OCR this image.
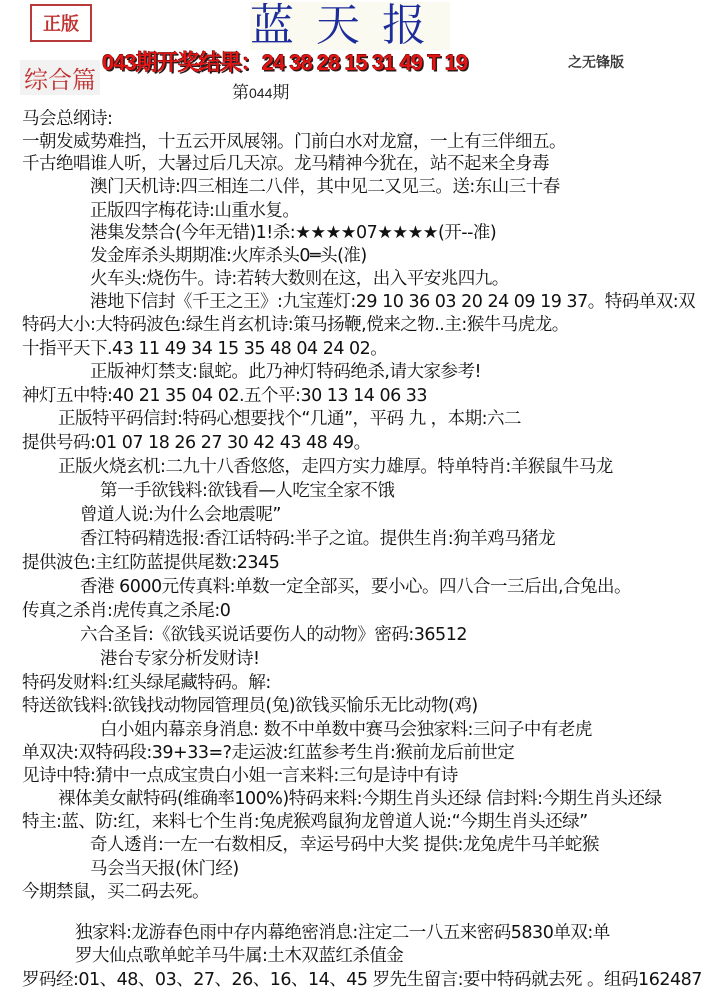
正版	蓝天报
043期开奖结果：24 38 28 15 31 49 T 19	之无锋版
综合篇	第044期
马会总纲诗:
一朝发威势难挡，十五云开凤展翎。门前白水对龙窟，一上有三伴细五。
千古绝唱谁人听，大暑过后几天凉。龙马精神今犹在，站不起来全身毒
澳门天机诗:四三相连二八伴，其中见二又见三。送:东山三十春
正版四字梅花诗:山重水复。
港集发禁合(今年无错)1!杀:★★★★07★★★★(开--准)
发金库杀头期期准:火库杀头0═头(准)
火车头:烧伤牛。诗:若转大数则在这，出入平安兆四九。
港地下信封《千王之王》:九宝莲灯:29 10 36 03 20 24 09 19 37。特码单双:双
特码大小:大特码波色:绿生肖玄机诗:策马扬鞭,傥来之物..主:猴牛马虎龙。
十指平天下.43 11 49 34 15 35 48 04 24 02。
正版神灯禁支:鼠蛇。此乃神灯特码绝杀,请大家参考!
神灯五中特:40 21 35 04 02.五个平:30 13 14 06 33
正版特平码信封:特码心想要找个“几通”，平码 九 ，本期:六二
提供号码:01 07 18 26 27 30 42 43 48 49。
正版火烧玄机:二九十八香悠悠，走四方实力雄厚。特单特肖:羊猴鼠牛马龙
第一手欲钱料:欲钱看—人吃宝全家不饿
曾道人说:为什么会地震呢”
香江特码精选报:香江话特码:半子之谊。提供生肖:狗羊鸡马猪龙
提供波色:主红防蓝提供尾数:2345
香港 6000元传真料:单数一定全部买，要小心。四八合一三后出,合兔出。
传真之杀肖:虎传真之杀尾:0
六合圣旨:《欲钱买说话要伤人的动物》密码:36512
港台专家分析发财诗!
特码发财料:红头绿尾藏特码。解:
特送欲钱料:欲钱找动物园管理员(兔)欲钱买愉乐无比动物(鸡)
白小姐内幕亲身消息: 数不中单数中赛马会独家料:三问子中有老虎
单双决:双特码段:39+33=?走运波:红蓝参考生肖:猴前龙后前世定
见诗中特:猜中一点成宝贵白小姐一言来料:三句是诗中有诗
裸体美女献特码(维确率100%)特码来料:今期生肖头还绿 信封料:今期生肖头还绿
特主:蓝、防:红，来料七个生肖:兔虎猴鸡鼠狗龙曾道人说:“今期生肖头还绿”
奇人透肖:一左一右数相反，幸运号码中大奖 提供:龙兔虎牛马羊蛇猴
马会当天报(休门经)
今期禁鼠，买二码去死。
独家料:龙游春色雨中存内幕绝密消息:注定二一八五来密码5830单双:单
罗大仙点歌单蛇羊马牛属:土木双蓝红杀值金
罗码经:01、48、03、27、26、16、14、45 罗先生留言:要中特码就去死 。组码162487
